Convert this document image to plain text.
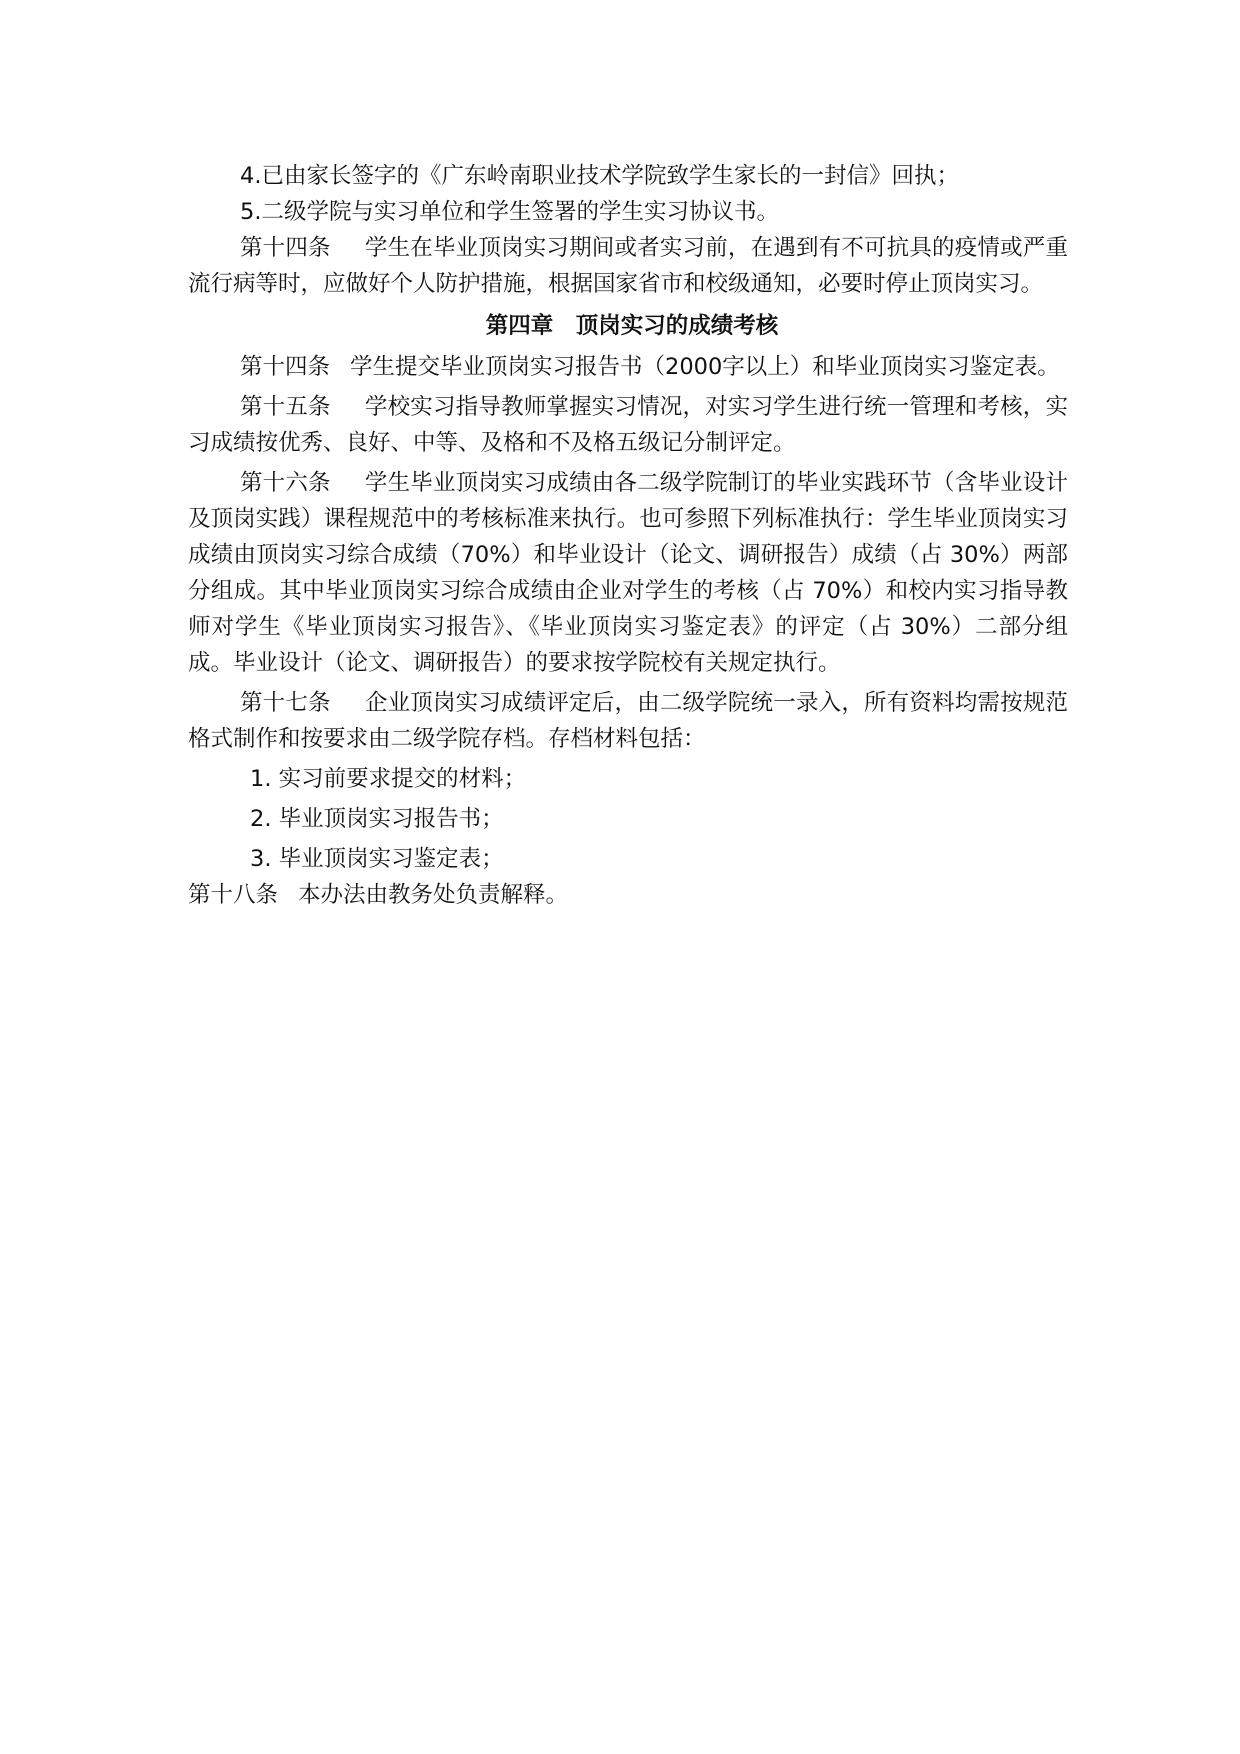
4.已由家长签字的《广东岭南职业技术学院致学生家长的一封信》回执；

5.二级学院与实习单位和学生签署的学生实习协议书。

第十四条 学生在毕业顶岗实习期间或者实习前，在遇到有不可抗具的疫情或严重流行病等时，应做好个人防护措施，根据国家省市和校级通知，必要时停止顶岗实习。

第四章　顶岗实习的成绩考核

第十四条 学生提交毕业顶岗实习报告书（2000字以上）和毕业顶岗实习鉴定表。

第十五条 学校实习指导教师掌握实习情况，对实习学生进行统一管理和考核，实习成绩按优秀、良好、中等、及格和不及格五级记分制评定。

第十六条 学生毕业顶岗实习成绩由各二级学院制订的毕业实践环节（含毕业设计及顶岗实践）课程规范中的考核标准来执行。也可参照下列标准执行：学生毕业顶岗实习成绩由顶岗实习综合成绩（70%）和毕业设计（论文、调研报告）成绩（占 30%）两部分组成。其中毕业顶岗实习综合成绩由企业对学生的考核（占 70%）和校内实习指导教师对学生《毕业顶岗实习报告》、《毕业顶岗实习鉴定表》的评定（占 30%）二部分组成。毕业设计（论文、调研报告）的要求按学院校有关规定执行。

第十七条 企业顶岗实习成绩评定后，由二级学院统一录入，所有资料均需按规范格式制作和按要求由二级学院存档。存档材料包括：

1. 实习前要求提交的材料；
2. 毕业顶岗实习报告书；
3. 毕业顶岗实习鉴定表；

第十八条 本办法由教务处负责解释。
